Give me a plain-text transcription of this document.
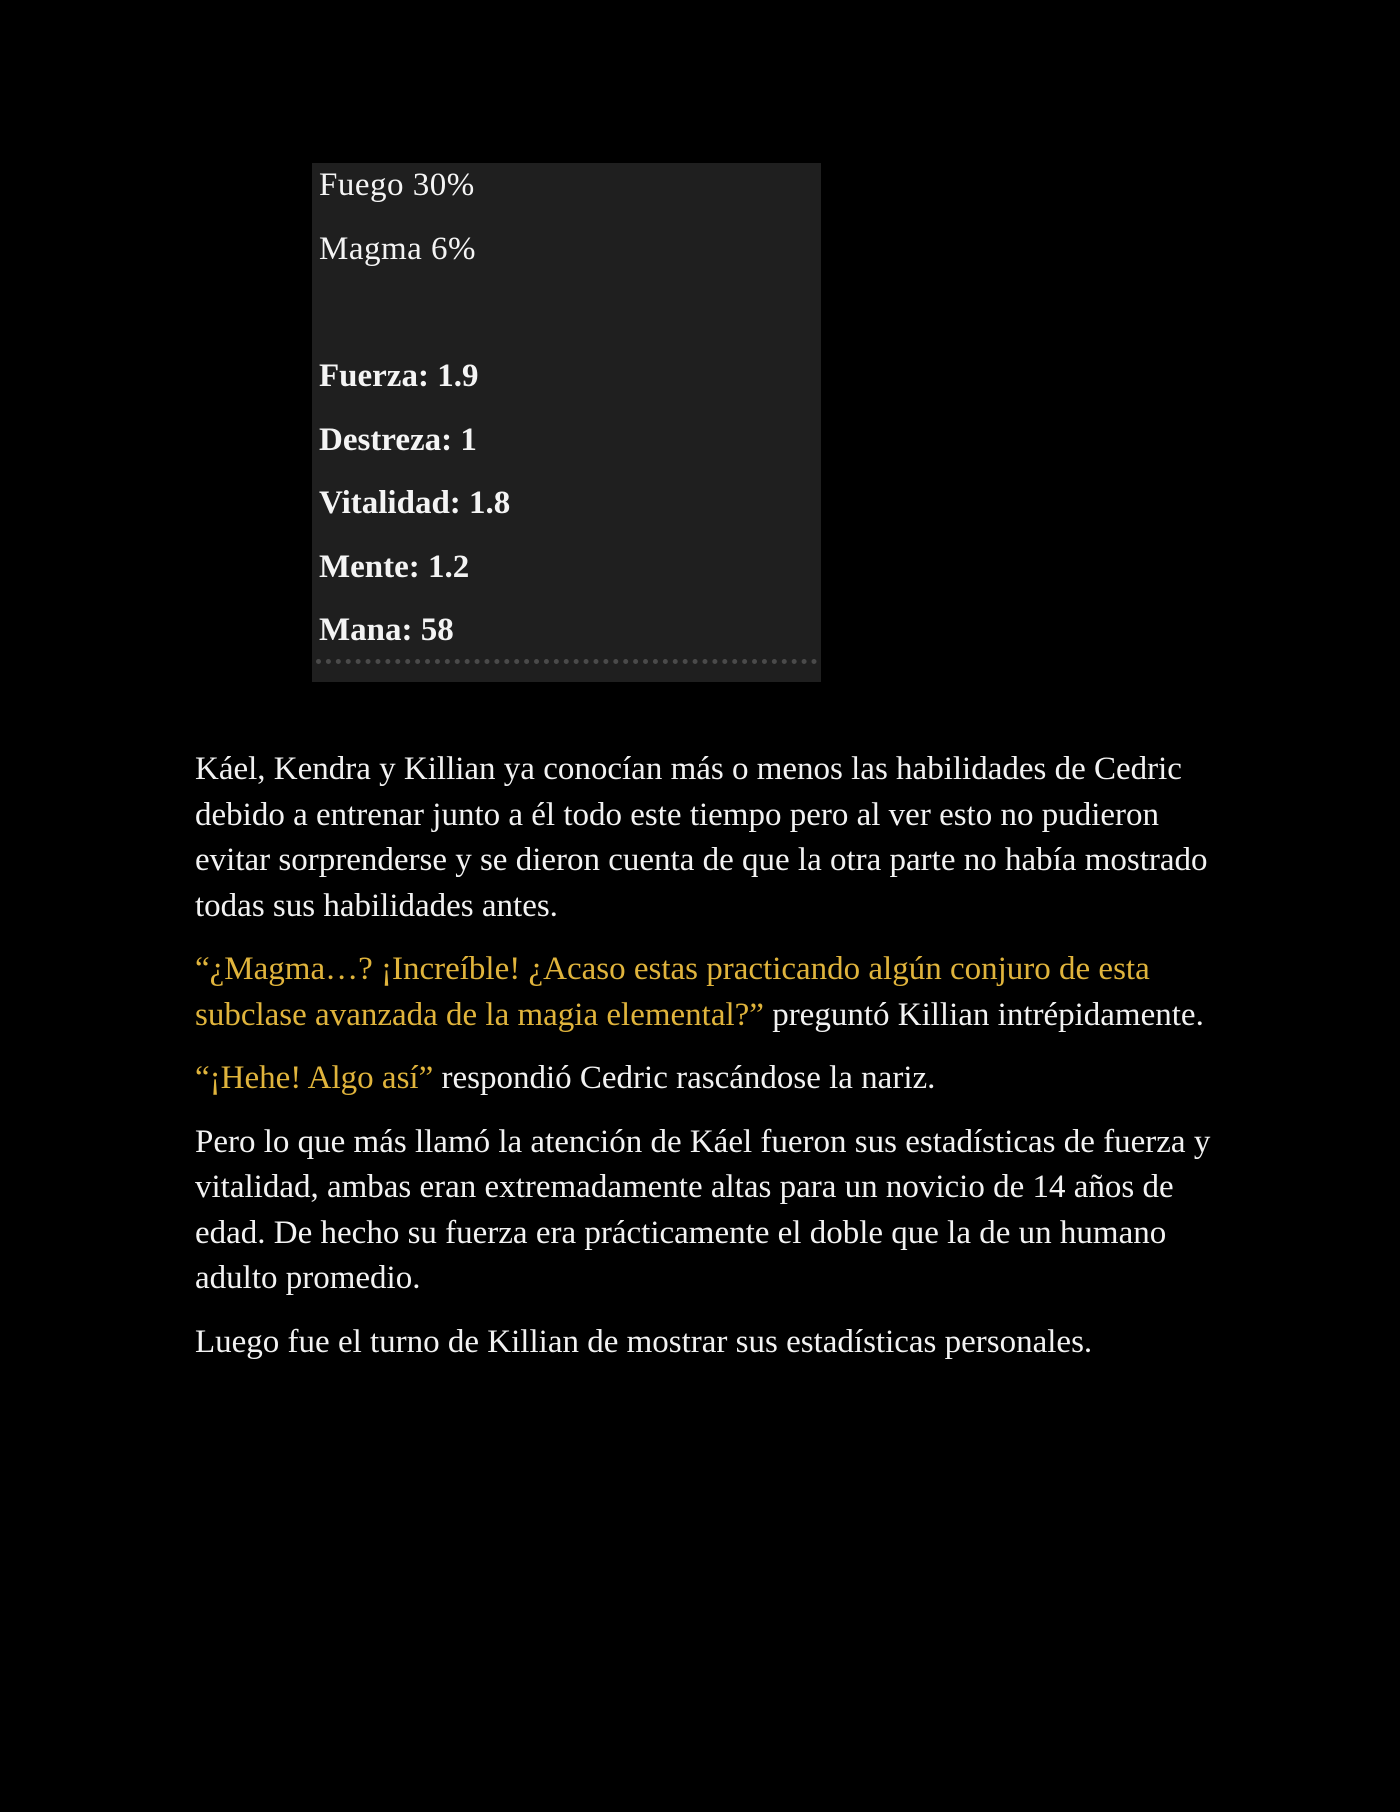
Fuego 30%
Magma 6%
Fuerza: 1.9
Destreza: 1
Vitalidad: 1.8
Mente: 1.2
Mana: 58

Káel, Kendra y Killian ya conocían más o menos las habilidades de Cedric debido a entrenar junto a él todo este tiempo pero al ver esto no pudieron evitar sorprenderse y se dieron cuenta de que la otra parte no había mostrado todas sus habilidades antes.

“¿Magma…? ¡Increíble! ¿Acaso estas practicando algún conjuro de esta subclase avanzada de la magia elemental?” preguntó Killian intrépidamente.

“¡Hehe! Algo así” respondió Cedric rascándose la nariz.

Pero lo que más llamó la atención de Káel fueron sus estadísticas de fuerza y vitalidad, ambas eran extremadamente altas para un novicio de 14 años de edad. De hecho su fuerza era prácticamente el doble que la de un humano adulto promedio.

Luego fue el turno de Killian de mostrar sus estadísticas personales.
